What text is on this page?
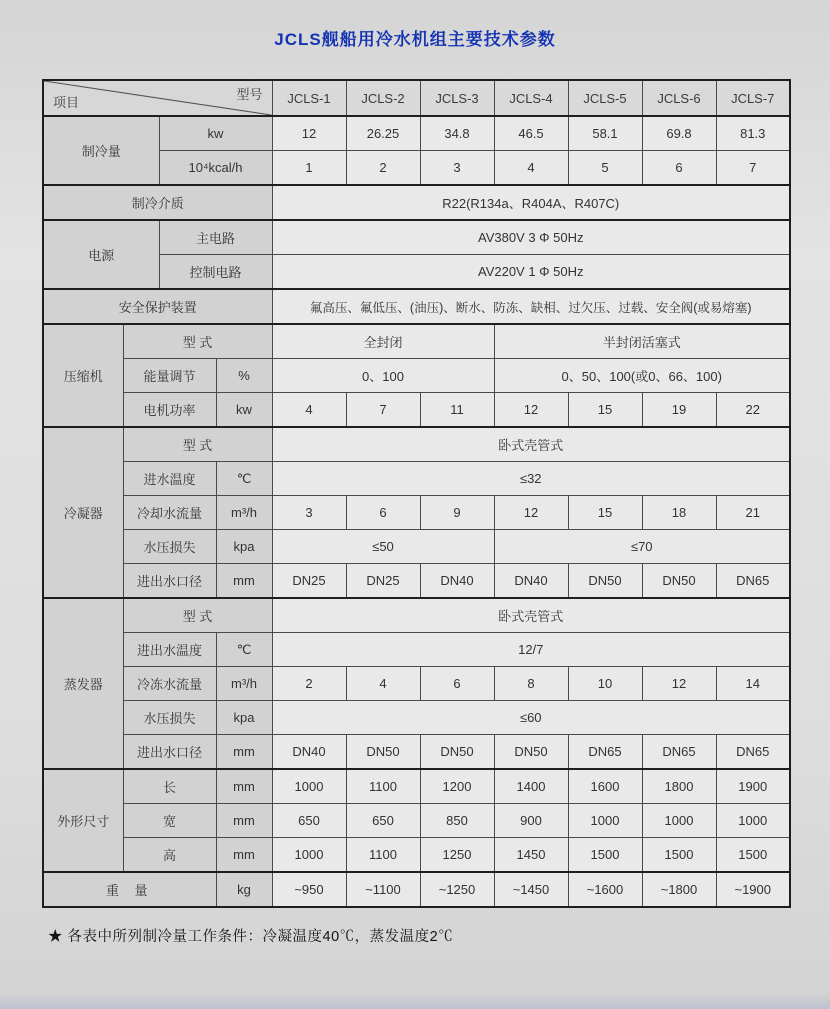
JCLS舰船用冷水机组主要技术参数
型号
项目				JCLS-1	JCLS-2	JCLS-3	JCLS-4	JCLS-5	JCLS-6	JCLS-7
制冷量		kw		12	26.25	34.8	46.5	58.1	69.8	81.3
		10⁴kcal/h		1	2	3	4	5	6	7
制冷介质				R22(R134a、R404A、R407C)						
电源		主电路		AV380V 3 Φ 50Hz						
		控制电路		AV220V 1 Φ 50Hz						
安全保护装置				氟高压、氟低压、(油压)、断水、防冻、缺相、过欠压、过载、安全阀(或易熔塞)						
压缩机	型 式			全封闭			半封闭活塞式			
	能量调节		%	0、100			0、50、100(或0、66、100)			
	电机功率		kw	4	7	11	12	15	19	22
冷凝器	型 式			卧式壳管式						
	进水温度		℃	≤32						
	冷却水流量		m³/h	3	6	9	12	15	18	21
	水压损失		kpa	≤50			≤70			
	进出水口径		mm	DN25	DN25	DN40	DN40	DN50	DN50	DN65
蒸发器	型 式			卧式壳管式						
	进出水温度		℃	12/7						
	冷冻水流量		m³/h	2	4	6	8	10	12	14
	水压损失		kpa	≤60						
	进出水口径		mm	DN40	DN50	DN50	DN50	DN65	DN65	DN65
外形尺寸	长		mm	1000	1100	1200	1400	1600	1800	1900
	宽		mm	650	650	850	900	1000	1000	1000
	高		mm	1000	1100	1250	1450	1500	1500	1500
重 量			kg	~950	~1100	~1250	~1450	~1600	~1800	~1900
★ 各表中所列制冷量工作条件：冷凝温度40℃，蒸发温度2℃
